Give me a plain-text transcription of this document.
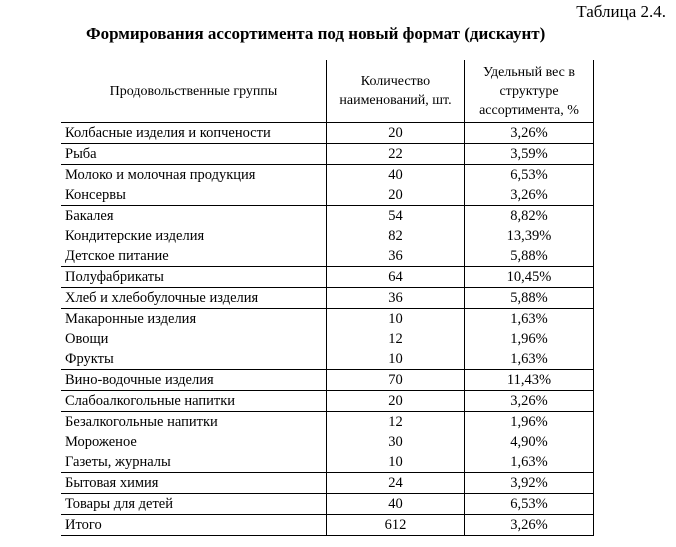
Таблица 2.4.
Формирования ассортимента под новый формат (дискаунт)
Продовольственные группы	Количество наименований, шт.	Удельный вес в структуре ассортимента, %
Колбасные изделия и копчености	20	3,26%
Рыба	22	3,59%
Молоко и молочная продукция	40	6,53%
Консервы	20	3,26%
Бакалея	54	8,82%
Кондитерские изделия	82	13,39%
Детское питание	36	5,88%
Полуфабрикаты	64	10,45%
Хлеб и хлебобулочные изделия	36	5,88%
Макаронные изделия	10	1,63%
Овощи	12	1,96%
Фрукты	10	1,63%
Вино-водочные изделия	70	11,43%
Слабоалкогольные напитки	20	3,26%
Безалкогольные напитки	12	1,96%
Мороженое	30	4,90%
Газеты, журналы	10	1,63%
Бытовая химия	24	3,92%
Товары для детей	40	6,53%
Итого	612	3,26%
